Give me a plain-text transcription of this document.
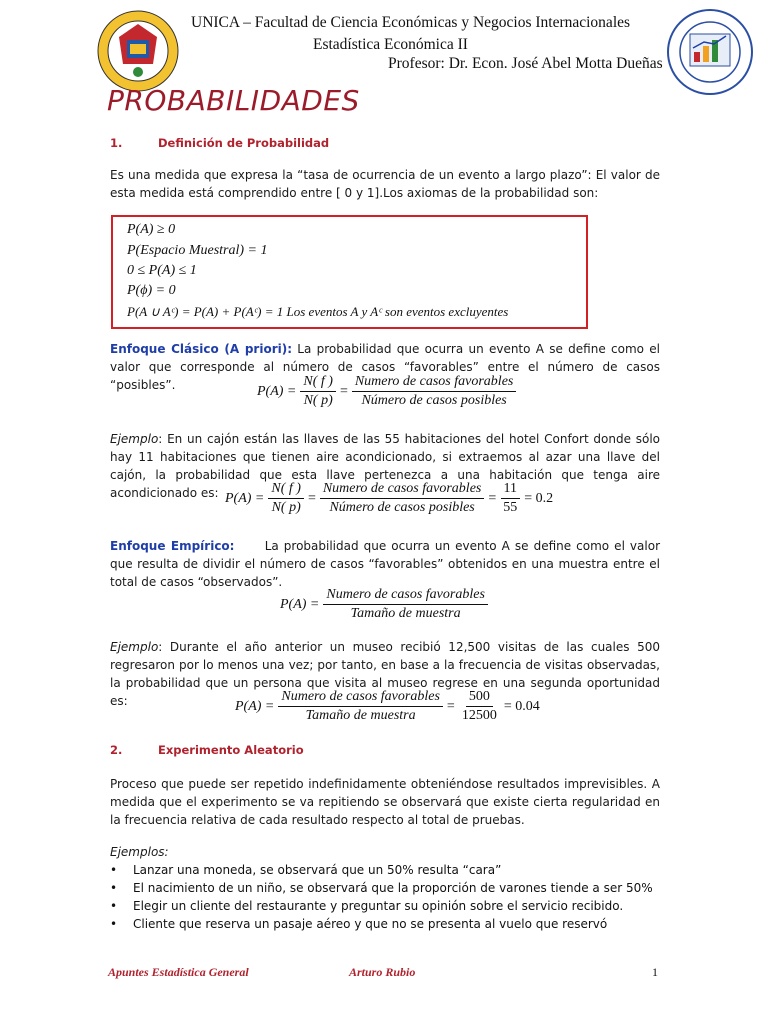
UNICA – Facultad de Ciencia Económicas y Negocios Internacionales
Estadística Económica II
Profesor: Dr. Econ. José Abel Motta Dueñas
PROBABILIDADES
1.	Definición de Probabilidad
Es una medida que expresa la “tasa de ocurrencia de un evento a largo plazo”: El valor de esta medida está comprendido entre [ 0 y 1].Los axiomas de la probabilidad son:
P(A) ≥ 0
P(Espacio Muestral) = 1
0 ≤ P(A) ≤ 1
P(ϕ) = 0
P(A ∪ Aᶜ) = P(A) + P(Aᶜ) = 1 Los eventos A y Aᶜ son eventos excluyentes
Enfoque Clásico (A priori): La probabilidad que ocurra un evento A se define como el valor que corresponde al número de casos “favorables” entre el número de casos “posibles”.	$P(A) = \frac{N( f )}{N( p)} = \frac{\text{Numero de casos favorables}}{\text{Número de casos posibles}}$
Ejemplo: En un cajón están las llaves de las 55 habitaciones del hotel Confort donde sólo hay 11 habitaciones que tienen aire acondicionado, si extraemos al azar una llave del cajón, la probabilidad que esta llave pertenezca a una habitación que tenga aire acondicionado es: $P(A) = \frac{N( f )}{N( p)} = \frac{\text{Numero de casos favorables}}{\text{Número de casos posibles}} = \frac{11}{55} = 0.2$
Enfoque Empírico:      La probabilidad que ocurra un evento A se define como el valor que resulta de dividir el número de casos “favorables” obtenidos en una muestra entre el total de casos “observados”.
$P(A) = \frac{\text{Numero de casos favorables}}{\text{Tamaño de muestra}}$
Ejemplo: Durante el año anterior un museo recibió 12,500 visitas de las cuales 500 regresaron por lo menos una vez; por tanto, en base a la frecuencia de visitas observadas, la probabilidad que un persona que visita al museo regrese en una segunda oportunidad es:	$P(A) = \frac{\text{Numero de casos favorables}}{\text{Tamaño de muestra}} = \frac{500}{12500} = 0.04$
2.	Experimento Aleatorio
Proceso que puede ser repetido indefinidamente obteniéndose resultados imprevisibles. A medida que el experimento se va repitiendo se observará que existe cierta regularidad en la frecuencia relativa de cada resultado respecto al total de pruebas.
Ejemplos:
• Lanzar una moneda, se observará que un 50% resulta “cara”
• El nacimiento de un niño, se observará que la proporción de varones tiende a ser 50%
• Elegir un cliente del restaurante y preguntar su opinión sobre el servicio recibido.
• Cliente que reserva un pasaje aéreo y que no se presenta al vuelo que reservó
Apuntes Estadística General	Arturo Rubio	1
